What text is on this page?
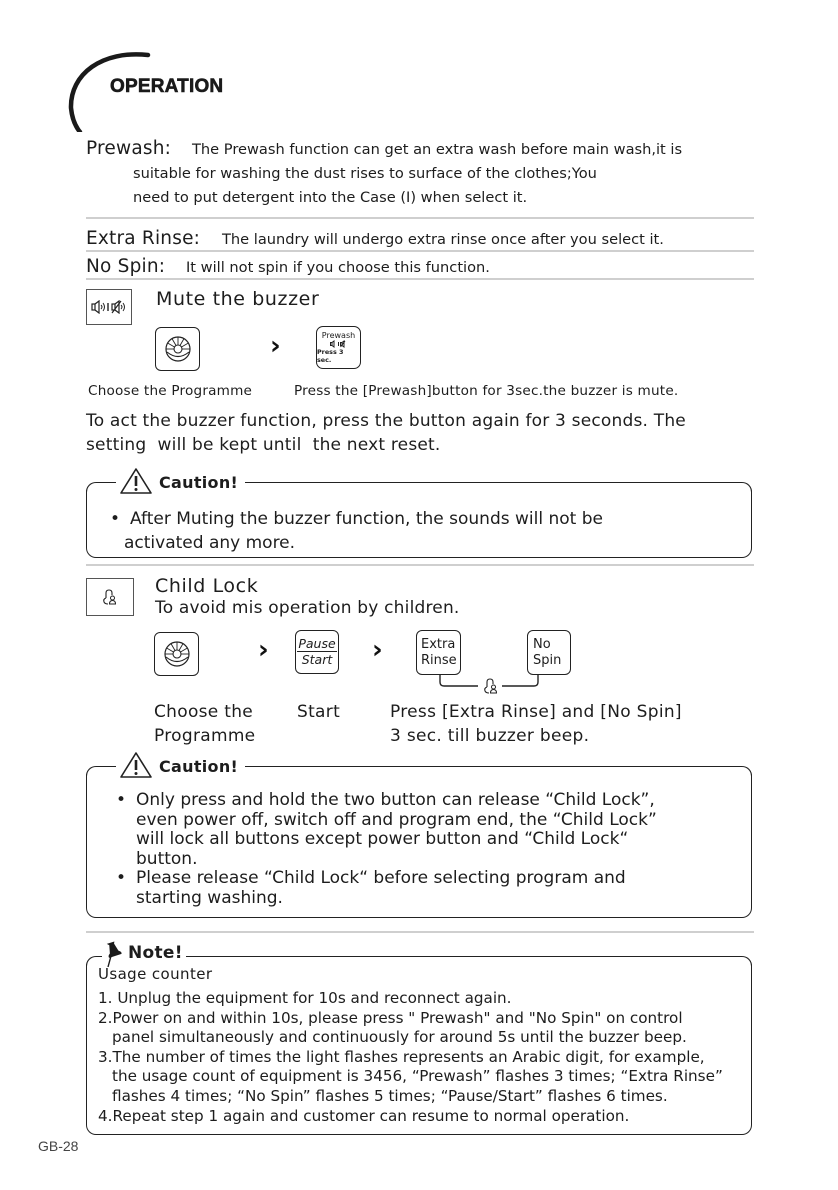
OPERATION
Prewash: The Prewash function can get an extra wash before main wash,it is
suitable for washing the dust rises to surface of the clothes;You
need to put detergent into the Case (I) when select it.
Extra Rinse: The laundry will undergo extra rinse once after you select it.
No Spin: It will not spin if you choose this function.
Mute the buzzer
›	Prewash
Press 3 sec.
Choose the Programme	Press the [Prewash]button for 3sec.the buzzer is mute.
To act the buzzer function, press the button again for 3 seconds. The
setting  will be kept until  the next reset.
Caution!
• After Muting the buzzer function, the sounds will not be
activated any more.
Child Lock
To avoid mis operation by children.
› Pause
Start ›	Extra
Rinse
No
Spin
Choose the
Programme
Start	Press [Extra Rinse] and [No Spin]
3 sec. till buzzer beep.
Caution!
• Only press and hold the two button can release “Child Lock”,
even power off, switch off and program end, the “Child Lock”
will lock all buttons except power button and “Child Lock“
button.
• Please release “Child Lock“ before selecting program and
starting washing.
Note!
Usage counter
1. Unplug the equipment for 10s and reconnect again.
2.Power on and within 10s, please press " Prewash" and "No Spin" on control
panel simultaneously and continuously for around 5s until the buzzer beep.
3.The number of times the light flashes represents an Arabic digit, for example,
the usage count of equipment is 3456, “Prewash” flashes 3 times; “Extra Rinse”
flashes 4 times; “No Spin” flashes 5 times; “Pause/Start” flashes 6 times.
4.Repeat step 1 again and customer can resume to normal operation.
GB-28
